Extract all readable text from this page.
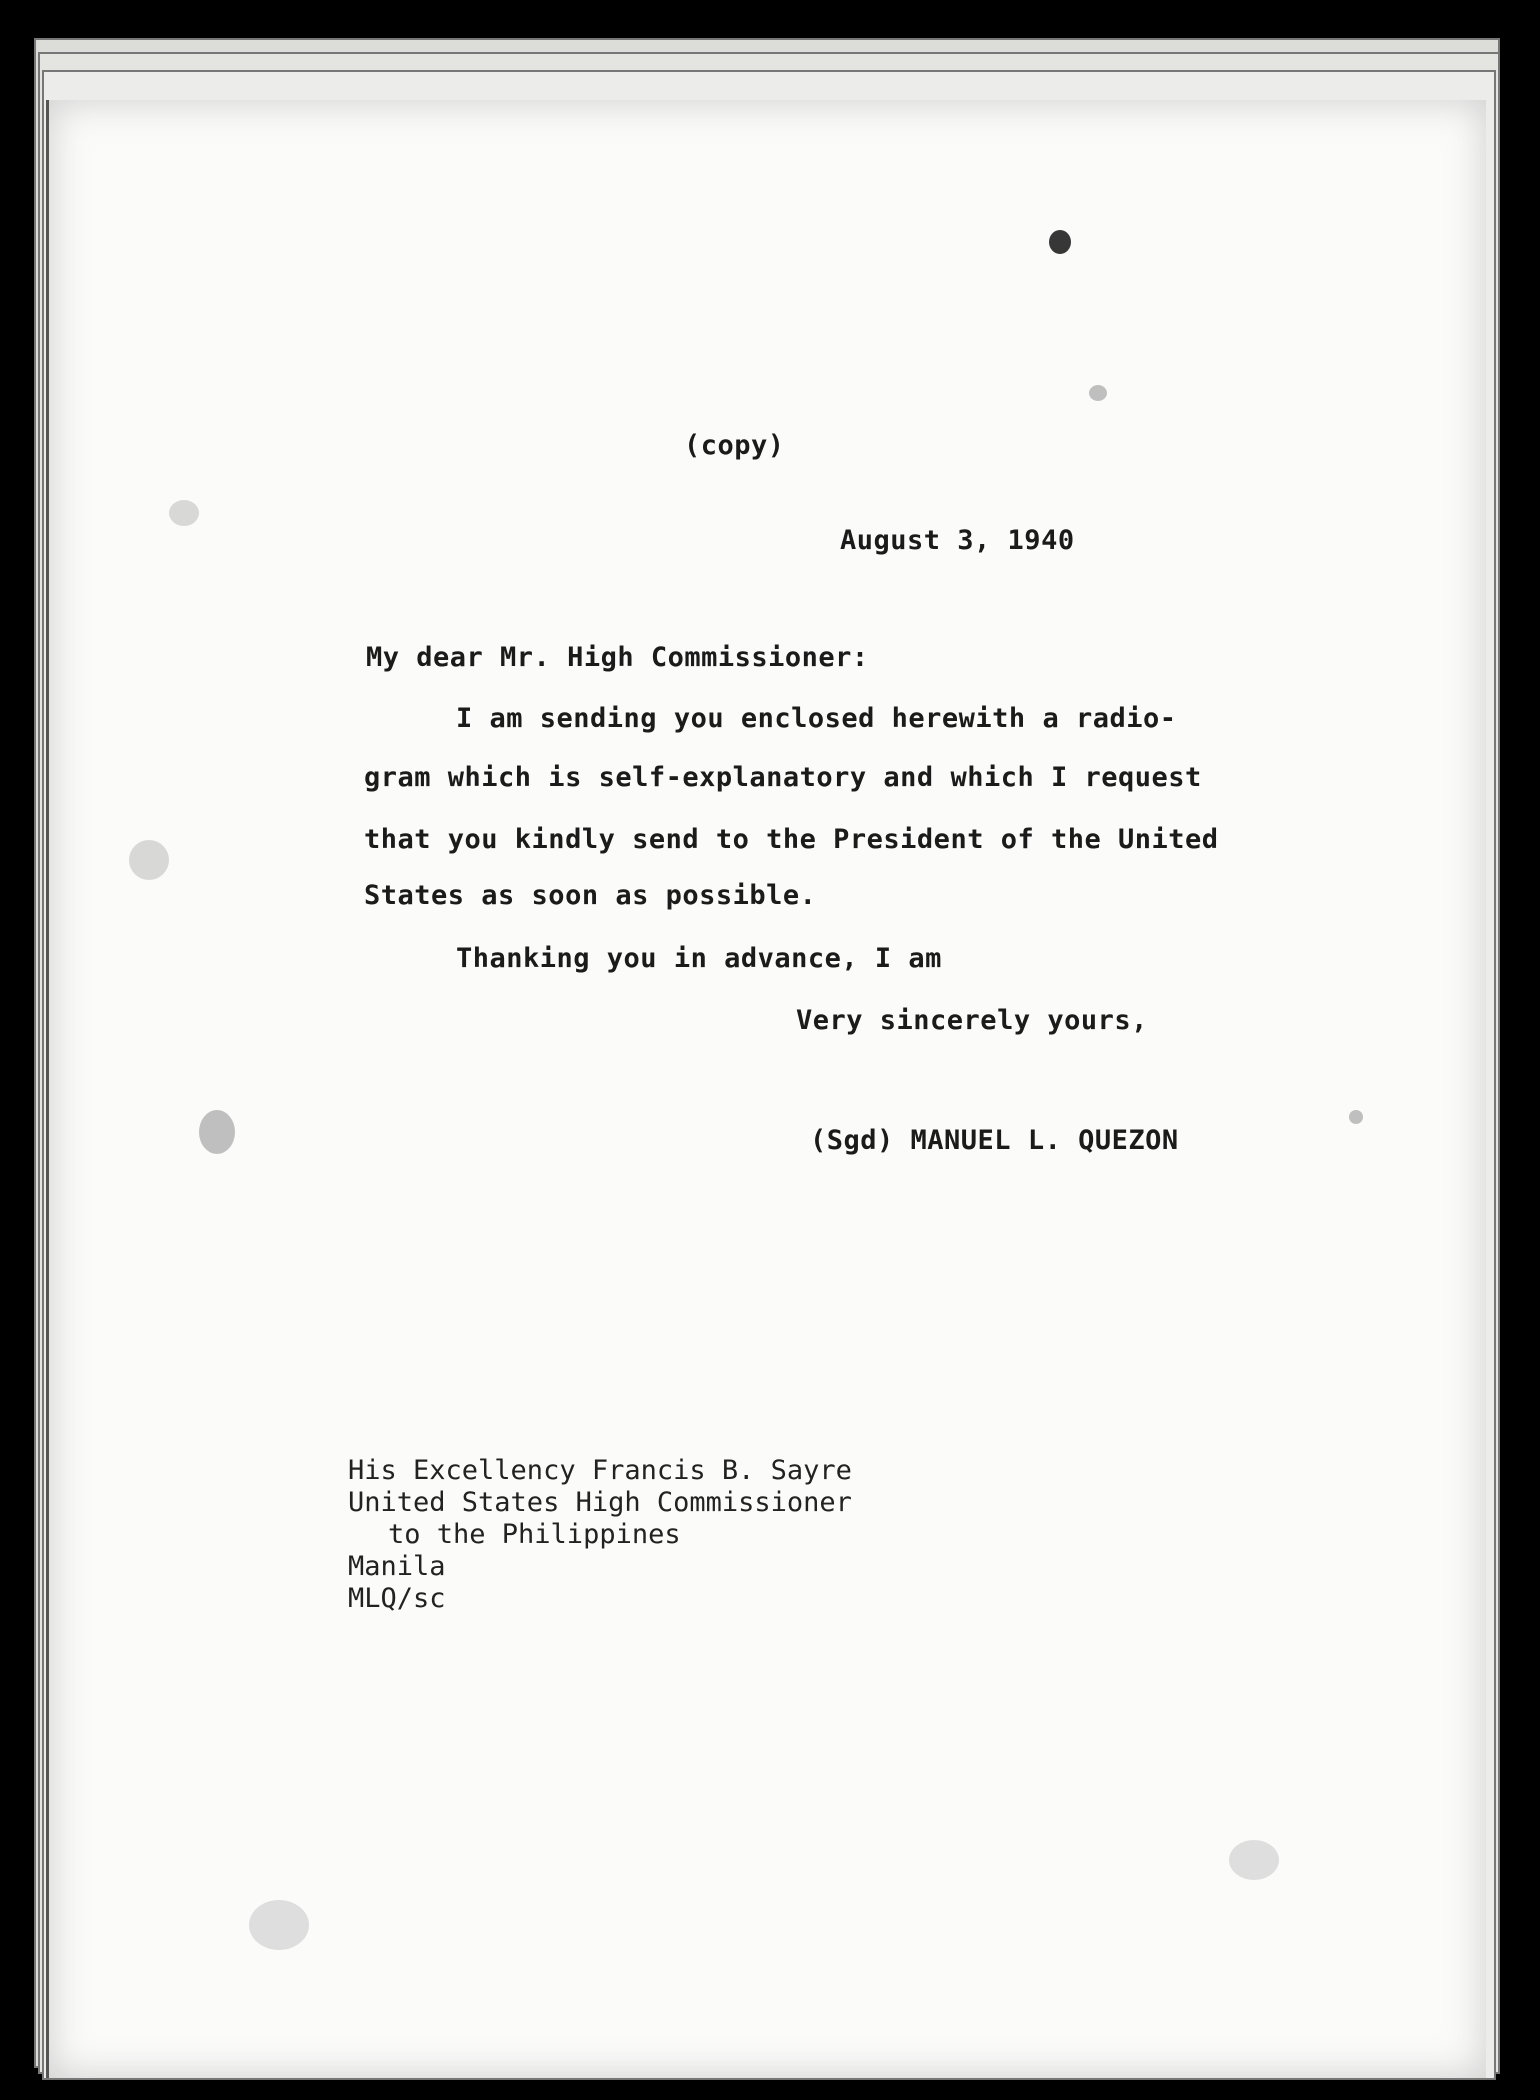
(copy)
August 3, 1940
My dear Mr. High Commissioner:
I am sending you enclosed herewith a radio-
gram which is self-explanatory and which I request
that you kindly send to the President of the United
States as soon as possible.
Thanking you in advance, I am
Very sincerely yours,
(Sgd) MANUEL L. QUEZON
His Excellency Francis B. Sayre
United States High Commissioner
to the Philippines
Manila
MLQ/sc
